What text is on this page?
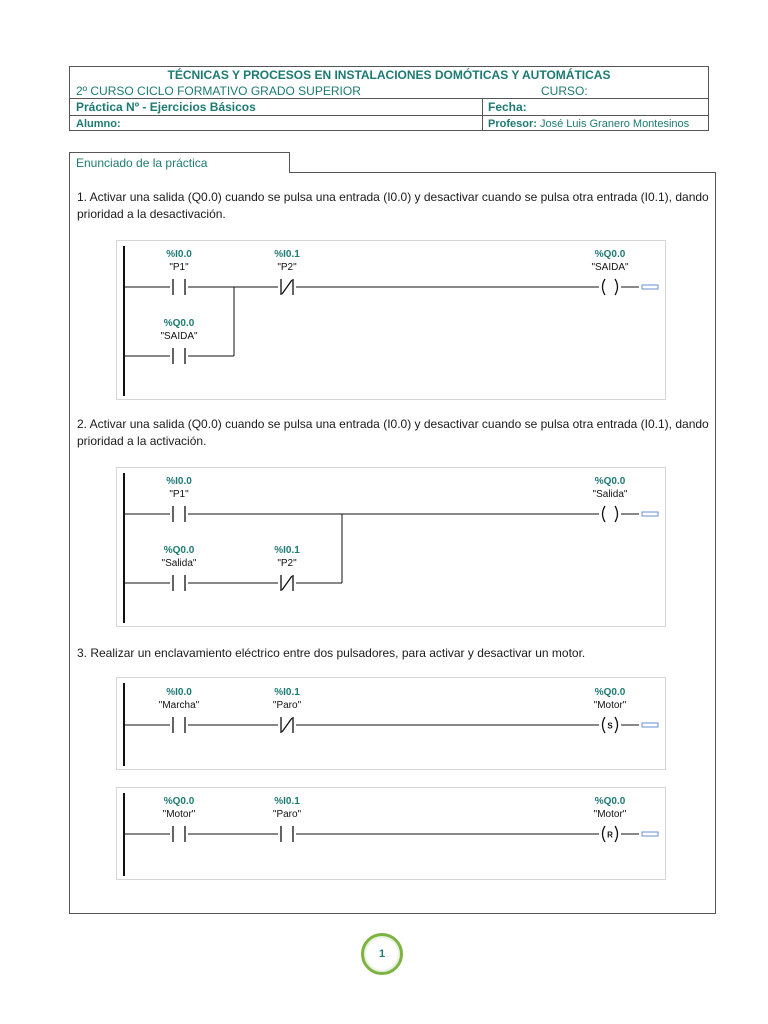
TÉCNICAS Y PROCESOS EN INSTALACIONES DOMÓTICAS Y AUTOMÁTICAS
2º CURSO CICLO FORMATIVO GRADO SUPERIOR	CURSO:
Práctica Nº - Ejercicios Básicos	Fecha:
Alumno:	Profesor: José Luis Granero Montesinos
Enunciado de la práctica
1. Activar una salida (Q0.0) cuando se pulsa una entrada (I0.0) y desactivar cuando se pulsa otra entrada (I0.1), dando prioridad a la desactivación.
2. Activar una salida (Q0.0) cuando se pulsa una entrada (I0.0) y desactivar cuando se pulsa otra entrada (I0.1), dando prioridad a la activación.
3. Realizar un enclavamiento eléctrico entre dos pulsadores, para activar y desactivar un motor.
%I0.0
"P1"
%I0.1
"P2"
%Q0.0
"SAIDA"
%Q0.0
"SAIDA"
%I0.0
"P1"
%Q0.0
"Salida"
%Q0.0
"Salida"
%I0.1
"P2"
%I0.0
"Marcha"
%I0.1
"Paro"
S
%Q0.0
"Motor"
%Q0.0
"Motor"
%I0.1
"Paro"
R
%Q0.0
"Motor"
1
